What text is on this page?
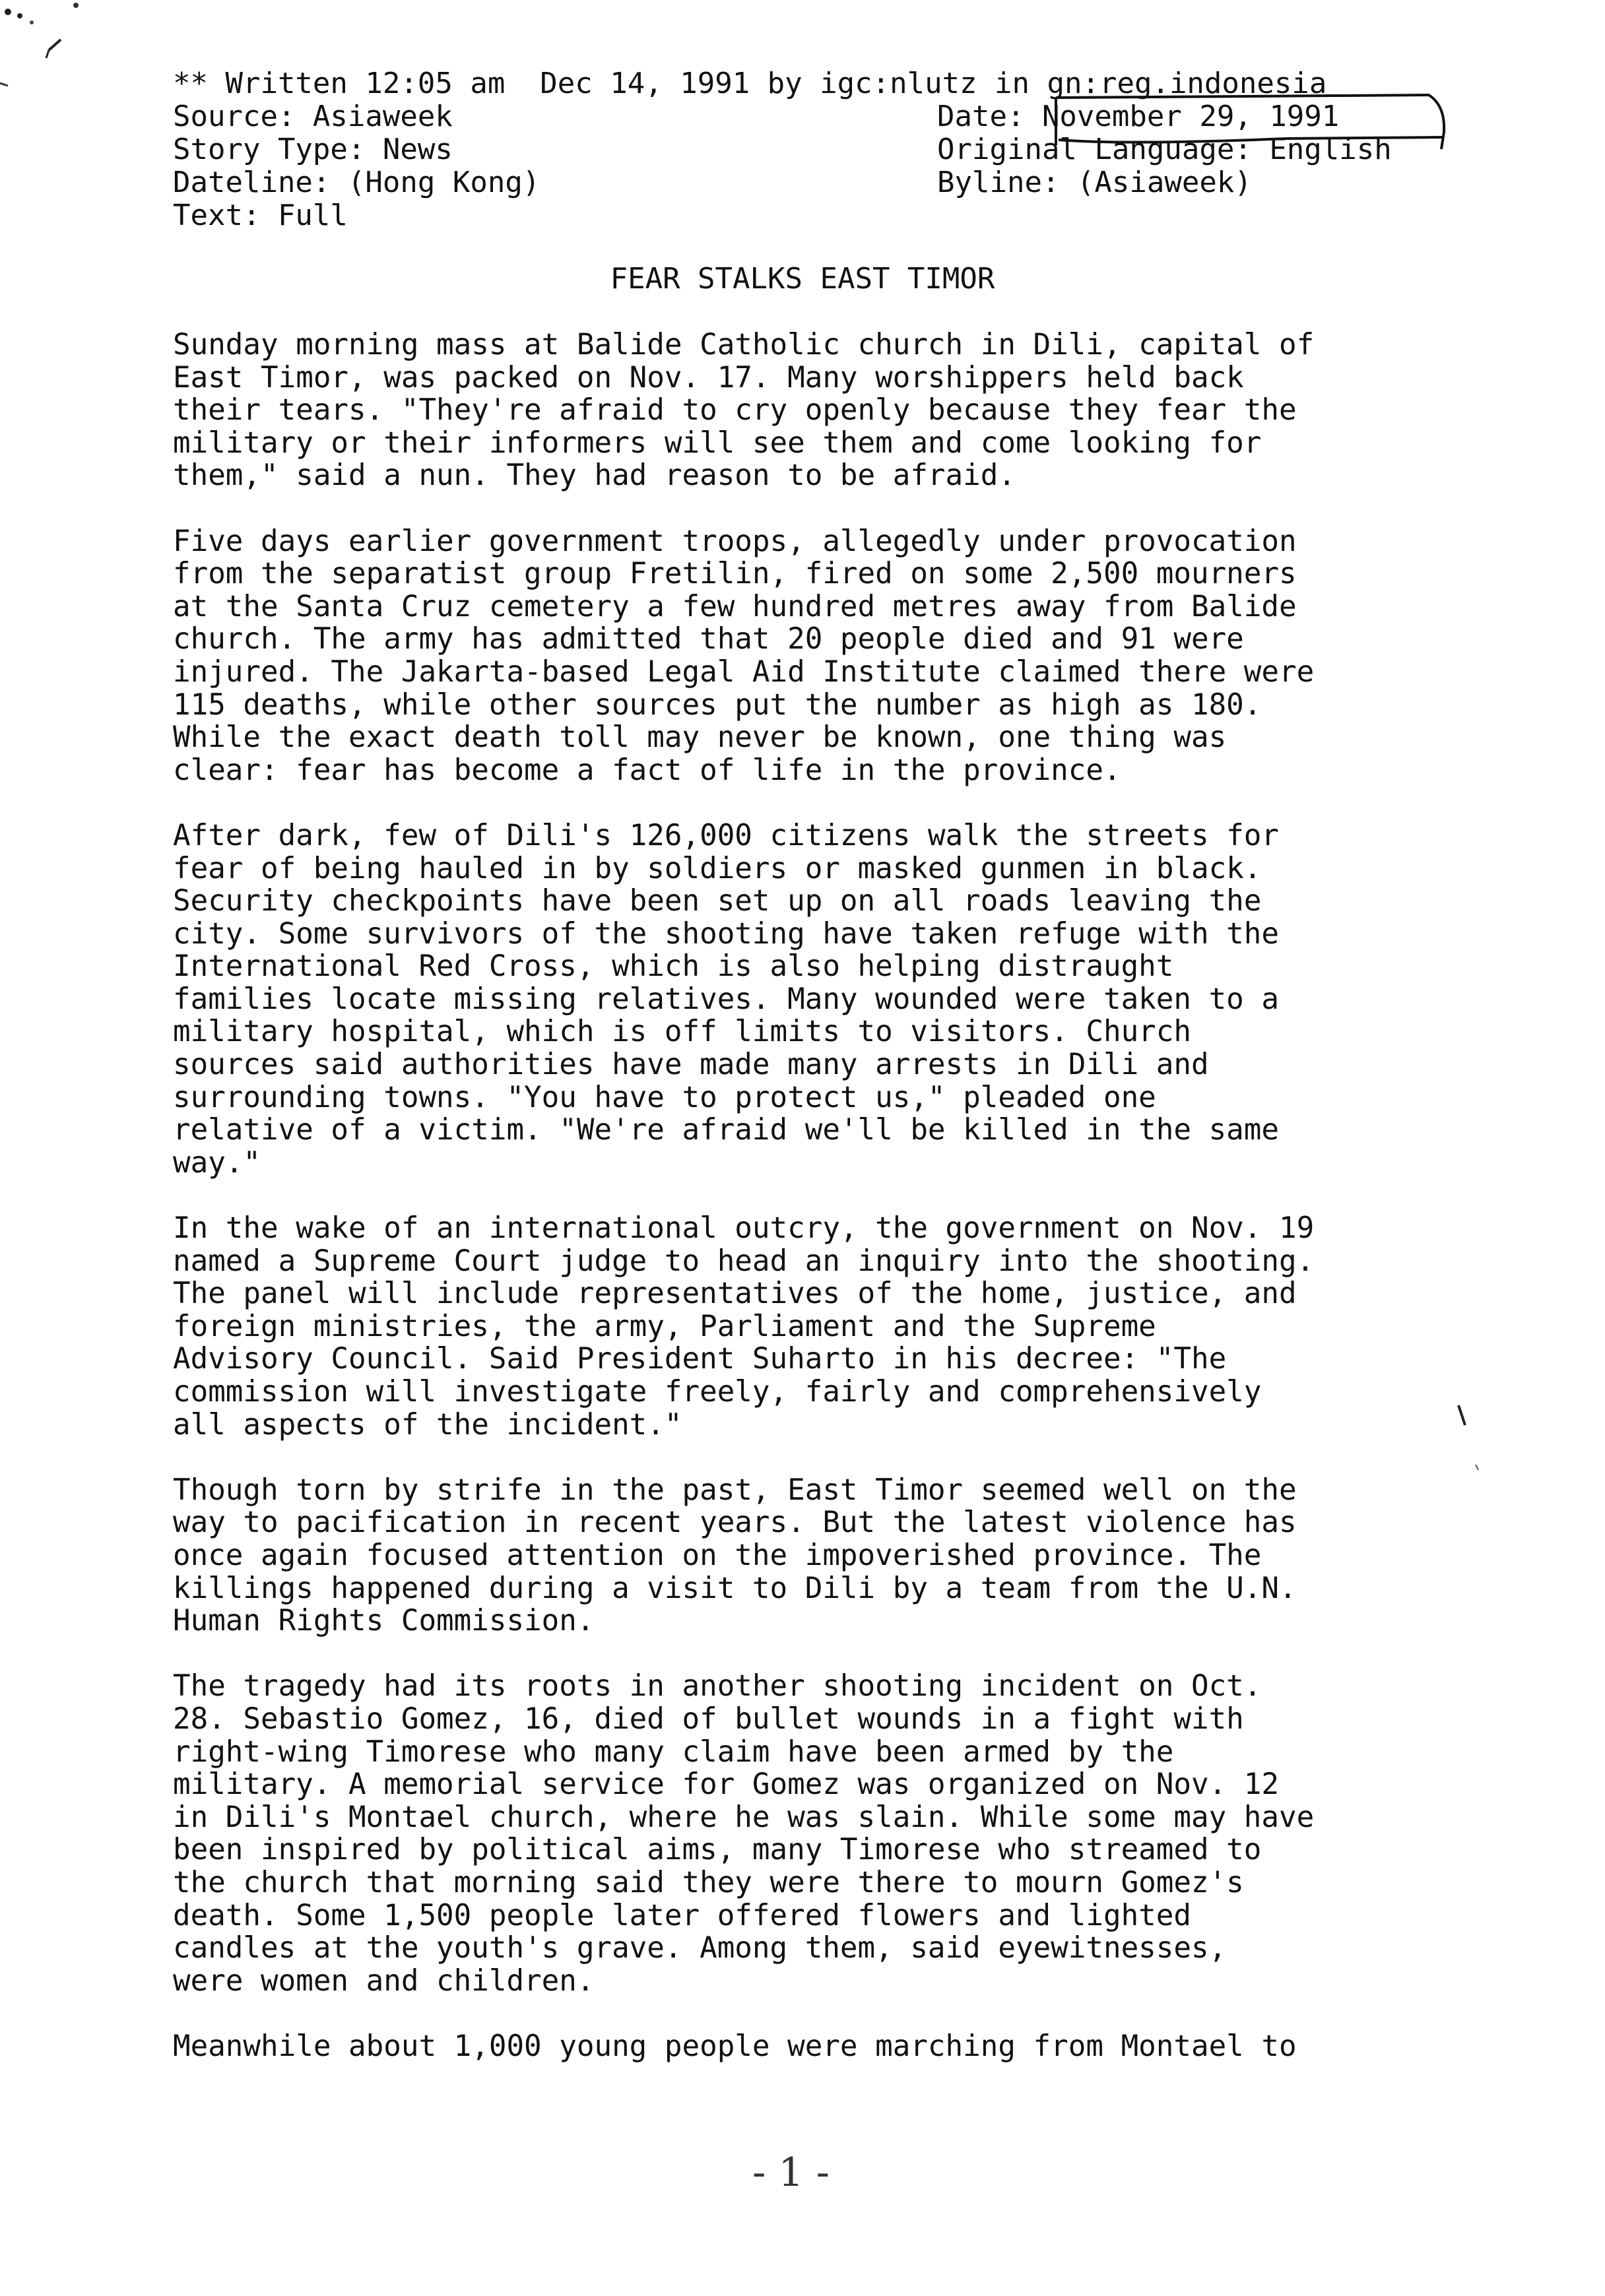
** Written 12:05 am  Dec 14, 1991 by igc:nlutz in gn:reg.indonesia
Source: Asiaweek
Story Type: News
Dateline: (Hong Kong)
Text: Full
Date: November 29, 1991
Original Language: English
Byline: (Asiaweek)
FEAR STALKS EAST TIMOR

Sunday morning mass at Balide Catholic church in Dili, capital of
East Timor, was packed on Nov. 17. Many worshippers held back
their tears. "They're afraid to cry openly because they fear the
military or their informers will see them and come looking for
them," said a nun. They had reason to be afraid.

Five days earlier government troops, allegedly under provocation
from the separatist group Fretilin, fired on some 2,500 mourners
at the Santa Cruz cemetery a few hundred metres away from Balide
church. The army has admitted that 20 people died and 91 were
injured. The Jakarta-based Legal Aid Institute claimed there were
115 deaths, while other sources put the number as high as 180.
While the exact death toll may never be known, one thing was
clear: fear has become a fact of life in the province.

After dark, few of Dili's 126,000 citizens walk the streets for
fear of being hauled in by soldiers or masked gunmen in black.
Security checkpoints have been set up on all roads leaving the
city. Some survivors of the shooting have taken refuge with the
International Red Cross, which is also helping distraught
families locate missing relatives. Many wounded were taken to a
military hospital, which is off limits to visitors. Church
sources said authorities have made many arrests in Dili and
surrounding towns. "You have to protect us," pleaded one
relative of a victim. "We're afraid we'll be killed in the same
way."

In the wake of an international outcry, the government on Nov. 19
named a Supreme Court judge to head an inquiry into the shooting.
The panel will include representatives of the home, justice, and
foreign ministries, the army, Parliament and the Supreme
Advisory Council. Said President Suharto in his decree: "The
commission will investigate freely, fairly and comprehensively
all aspects of the incident."

Though torn by strife in the past, East Timor seemed well on the
way to pacification in recent years. But the latest violence has
once again focused attention on the impoverished province. The
killings happened during a visit to Dili by a team from the U.N.
Human Rights Commission.

The tragedy had its roots in another shooting incident on Oct.
28. Sebastio Gomez, 16, died of bullet wounds in a fight with
right-wing Timorese who many claim have been armed by the
military. A memorial service for Gomez was organized on Nov. 12
in Dili's Montael church, where he was slain. While some may have
been inspired by political aims, many Timorese who streamed to
the church that morning said they were there to mourn Gomez's
death. Some 1,500 people later offered flowers and lighted
candles at the youth's grave. Among them, said eyewitnesses,
were women and children.

Meanwhile about 1,000 young people were marching from Montael to

- 1 -
